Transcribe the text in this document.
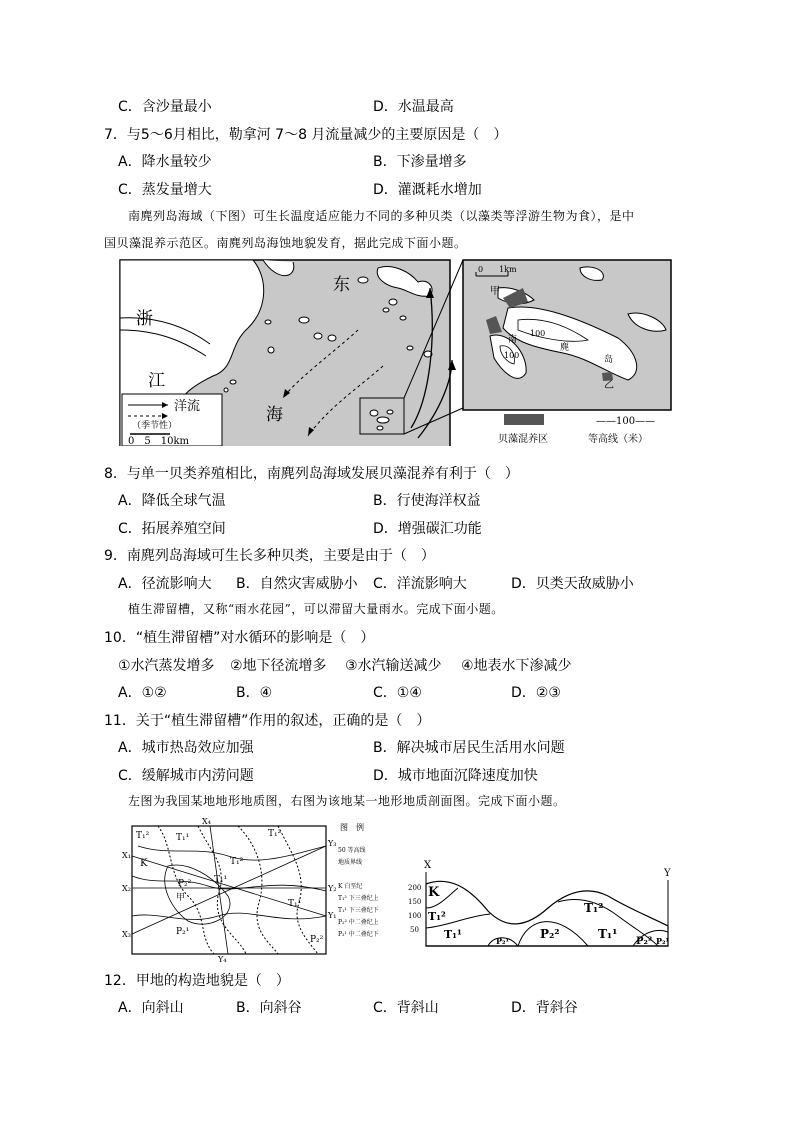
C．含沙量最小	D．水温最高
7．与5～6月相比，勒拿河 7～8 月流量减少的主要原因是（　）
A．降水量较少	B．下渗量增多
C．蒸发量增大	D．灌溉耗水增加
南麂列岛海域（下图）可生长温度适应能力不同的多种贝类（以藻类等浮游生物为食），是中
国贝藻混养示范区。南麂列岛海蚀地貌发育，据此完成下面小题。
东
浙
江
海
洋流
（季节性）
0　5　10km
0　　1km
甲
乙
100
100
南
麂
岛
贝藻混养区
——100——
等高线（米）
8．与单一贝类养殖相比，南麂列岛海域发展贝藻混养有利于（　）
A．降低全球气温	B．行使海洋权益
C．拓展养殖空间	D．增强碳汇功能
9．南麂列岛海域可生长多种贝类，主要是由于（　）
A．径流影响大 B．自然灾害威胁小 C．洋流影响大	D．贝类天敌威胁小
植生滞留槽，又称“雨水花园”，可以滞留大量雨水。完成下面小题。
10．“植生滞留槽”对水循环的影响是（　）
①水汽蒸发增多 ②地下径流增多 ③水汽输送减少 ④地表水下渗减少
A．①②	B．④	C．①④	D．②③
11．关于“植生滞留槽”作用的叙述，正确的是（　）
A．城市热岛效应加强	B．解决城市居民生活用水问题
C．缓解城市内涝问题	D．城市地面沉降速度加快
左图为我国某地地形地质图，右图为该地某一地形地质剖面图。完成下面小题。
X₄
X₁
X₂
X₃
Y₄
Y₃
Y₂
Y₁
T₁²	T₁¹
K	T₁²
T₁¹
P₂²
甲
P₂¹
P₂²
T₁²
T₁¹
图　例
50 等高线
地质界线
K 白垩纪
T₁² 下三叠纪上
T₁¹ 下三叠纪下
P₂² 中二叠纪上
P₂¹ 中二叠纪下
X
Y
200
150
100
50
K
T₁²
T₁¹	P₂¹	P₂²
T₁²
T₁¹
P₂² P₂¹
12．甲地的构造地貌是（　）
A．向斜山	B．向斜谷	C．背斜山	D．背斜谷
